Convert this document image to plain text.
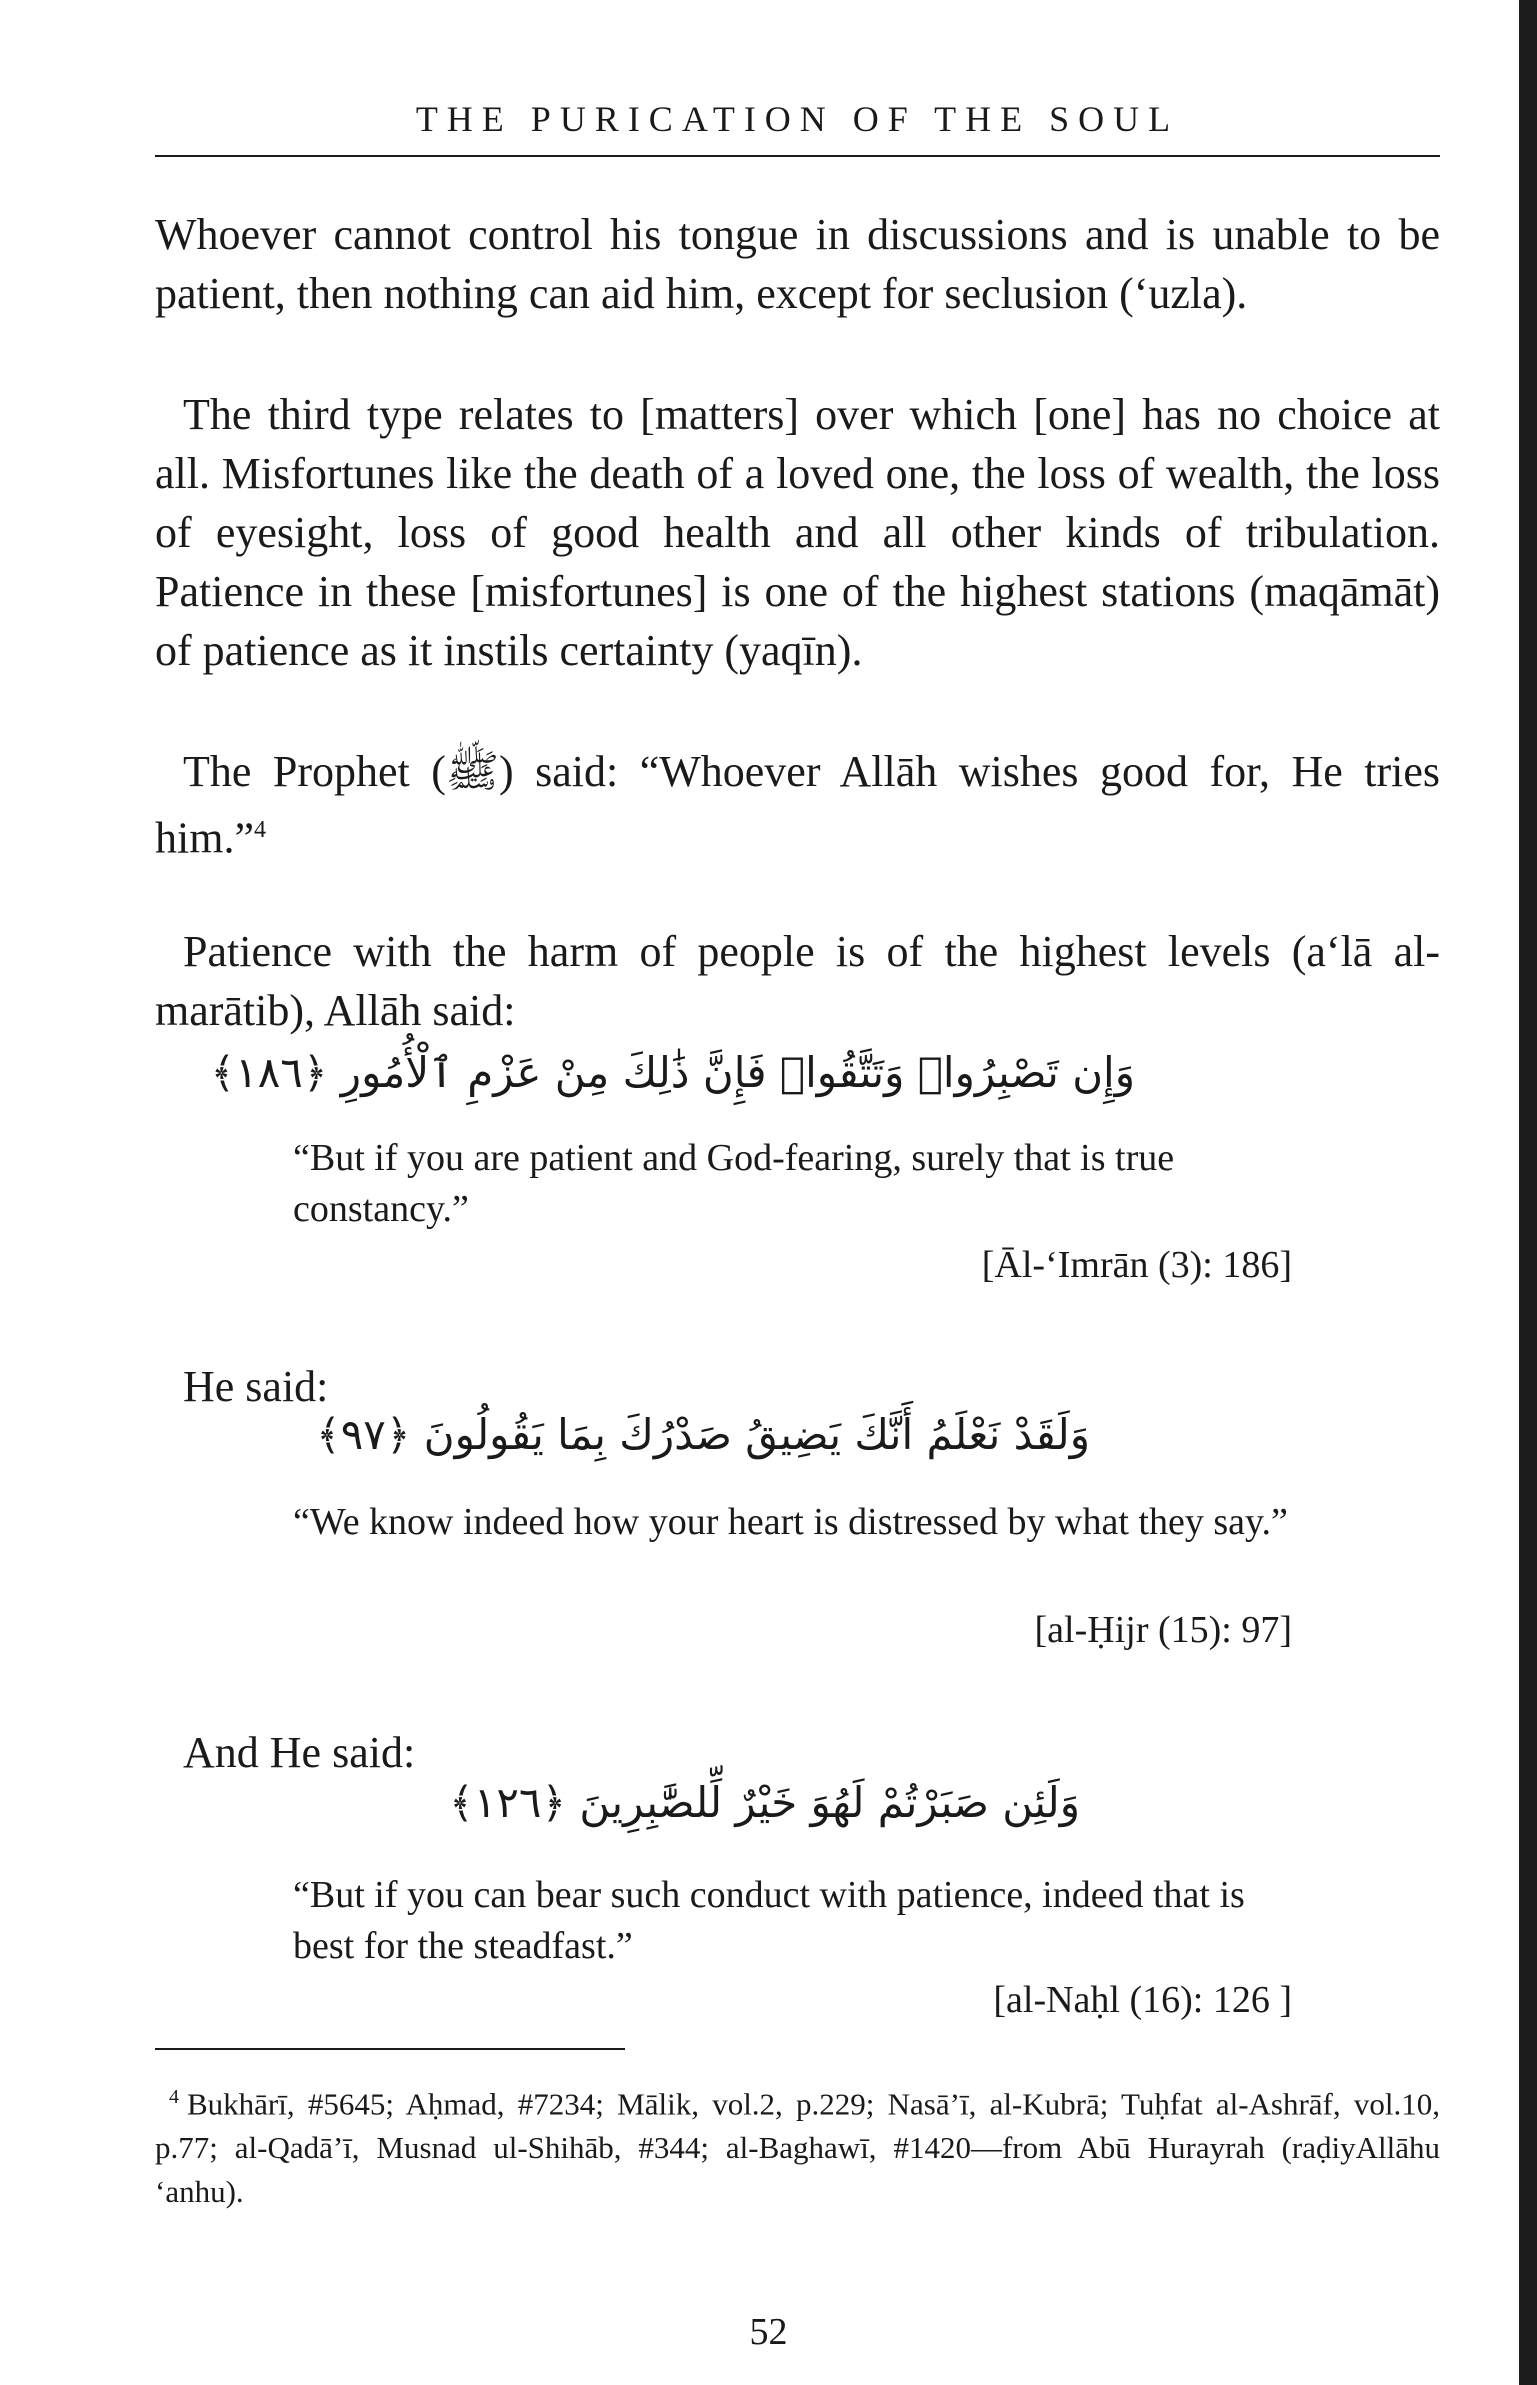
THE PURICATION OF THE SOUL
Whoever cannot control his tongue in discussions and is unable to be patient, then nothing can aid him, except for seclusion (‘uzla).
The third type relates to [matters] over which [one] has no choice at all. Misfortunes like the death of a loved one, the loss of wealth, the loss of eyesight, loss of good health and all other kinds of tribulation. Patience in these [misfortunes] is one of the highest stations (maqāmāt) of patience as it instils certainty (yaqīn).
The Prophet (ﷺ) said: “Whoever Allāh wishes good for, He tries him.”$^4$
Patience with the harm of people is of the highest levels (a‘lā al-marātib), Allāh said:
وَإِن تَصْبِرُوا۟ وَتَتَّقُوا۟ فَإِنَّ ذَٰلِكَ مِنْ عَزْمِ ٱلْأُمُورِ ﴿١٨٦﴾
“But if you are patient and God-fearing, surely that is true constancy.”
[Āl-‘Imrān (3): 186]
He said:
وَلَقَدْ نَعْلَمُ أَنَّكَ يَضِيقُ صَدْرُكَ بِمَا يَقُولُونَ ﴿٩٧﴾
“We know indeed how your heart is distressed by what they say.”
[al-Ḥijr (15): 97]
And He said:
وَلَئِن صَبَرْتُمْ لَهُوَ خَيْرٌ لِّلصَّٰبِرِينَ ﴿١٢٦﴾
“But if you can bear such conduct with patience, indeed that is best for the steadfast.”
[al-Naḥl (16): 126 ]
$^4$ Bukhārī, #5645; Aḥmad, #7234; Mālik, vol.2, p.229; Nasā’ī, al-Kubrā; Tuḥfat al-Ashrāf, vol.10, p.77; al-Qadā’ī, Musnad ul-Shihāb, #344; al-Baghawī, #1420—from Abū Hurayrah (raḍiyAllāhu ‘anhu).
52
